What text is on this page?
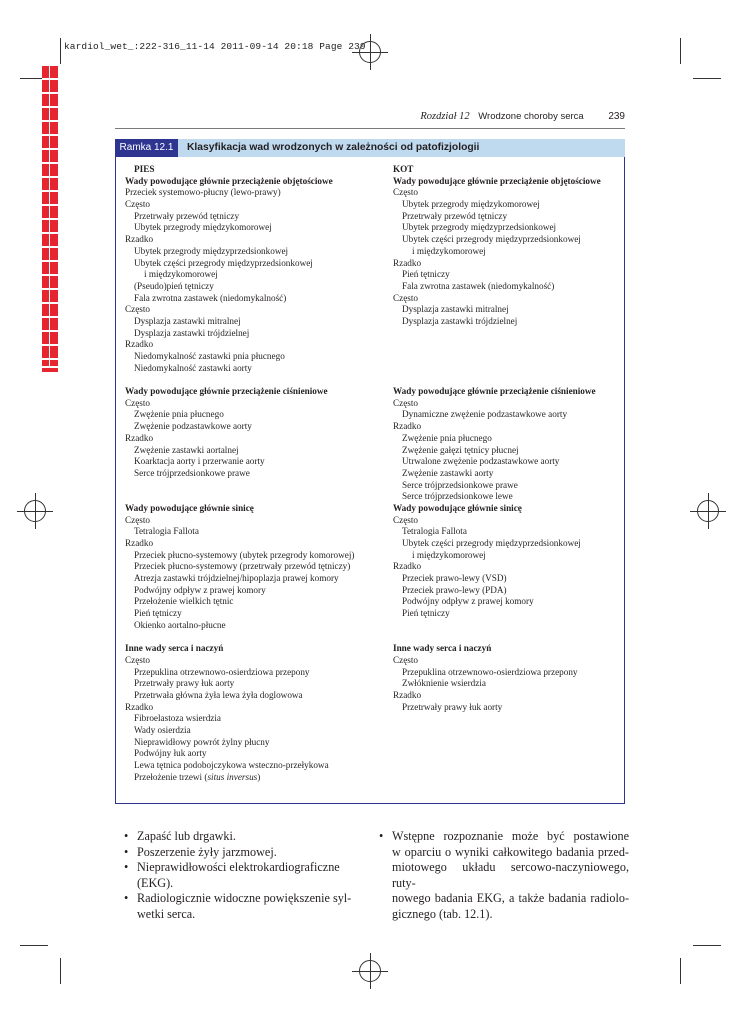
kardiol_wet_:222-316_11-14 2011-09-14 20:18 Page 239
Rozdział 12 Wrodzone choroby serca 239
Ramka 12.1	Klasyfikacja wad wrodzonych w zależności od patofizjologii
PIES
Wady powodujące głównie przeciążenie objętościowe
Przeciek systemowo-płucny (lewo-prawy)
Często
Przetrwały przewód tętniczy
Ubytek przegrody międzykomorowej
Rzadko
Ubytek przegrody międzyprzedsionkowej
Ubytek części przegrody międzyprzedsionkowej
i międzykomorowej
(Pseudo)pień tętniczy
Fala zwrotna zastawek (niedomykalność)
Często
Dysplazja zastawki mitralnej
Dysplazja zastawki trójdzielnej
Rzadko
Niedomykalność zastawki pnia płucnego
Niedomykalność zastawki aorty
Wady powodujące głównie przeciążenie ciśnieniowe
Często
Zwężenie pnia płucnego
Zwężenie podzastawkowe aorty
Rzadko
Zwężenie zastawki aortalnej
Koarktacja aorty i przerwanie aorty
Serce trójprzedsionkowe prawe
Wady powodujące głównie sinicę
Często
Tetralogia Fallota
Rzadko
Przeciek płucno-systemowy (ubytek przegrody komorowej)
Przeciek płucno-systemowy (przetrwały przewód tętniczy)
Atrezja zastawki trójdzielnej/hipoplazja prawej komory
Podwójny odpływ z prawej komory
Przełożenie wielkich tętnic
Pień tętniczy
Okienko aortalno-płucne
Inne wady serca i naczyń
Często
Przepuklina otrzewnowo-osierdziowa przepony
Przetrwały prawy łuk aorty
Przetrwała główna żyła lewa żyła doglowowa
Rzadko
Fibroelastoza wsierdzia
Wady osierdzia
Nieprawidłowy powrót żylny płucny
Podwójny łuk aorty
Lewa tętnica podobojczykowa wsteczno-przełykowa
Przełożenie trzewi (situs inversus)
KOT
Wady powodujące głównie przeciążenie objętościowe
Często
Ubytek przegrody międzykomorowej
Przetrwały przewód tętniczy
Ubytek przegrody międzyprzedsionkowej
Ubytek części przegrody międzyprzedsionkowej
i międzykomorowej
Rzadko
Pień tętniczy
Fala zwrotna zastawek (niedomykalność)
Często
Dysplazja zastawki mitralnej
Dysplazja zastawki trójdzielnej
Wady powodujące głównie przeciążenie ciśnieniowe
Często
Dynamiczne zwężenie podzastawkowe aorty
Rzadko
Zwężenie pnia płucnego
Zwężenie gałęzi tętnicy płucnej
Utrwalone zwężenie podzastawkowe aorty
Zwężenie zastawki aorty
Serce trójprzedsionkowe prawe
Serce trójprzedsionkowe lewe
Wady powodujące głównie sinicę
Często
Tetralogia Fallota
Ubytek części przegrody międzyprzedsionkowej
i międzykomorowej
Rzadko
Przeciek prawo-lewy (VSD)
Przeciek prawo-lewy (PDA)
Podwójny odpływ z prawej komory
Pień tętniczy
Inne wady serca i naczyń
Często
Przepuklina otrzewnowo-osierdziowa przepony
Zwłóknienie wsierdzia
Rzadko
Przetrwały prawy łuk aorty
• Zapaść lub drgawki.
• Poszerzenie żyły jarzmowej.
• Nieprawidłowości elektrokardiograficzne (EKG).
• Radiologicznie widoczne powiększenie syl-
wetki serca.
• Wstępne rozpoznanie może być postawione
w oparciu o wyniki całkowitego badania przed-
miotowego układu sercowo-naczyniowego, ruty-
nowego badania EKG, a także badania radiolo-
gicznego (tab. 12.1).
